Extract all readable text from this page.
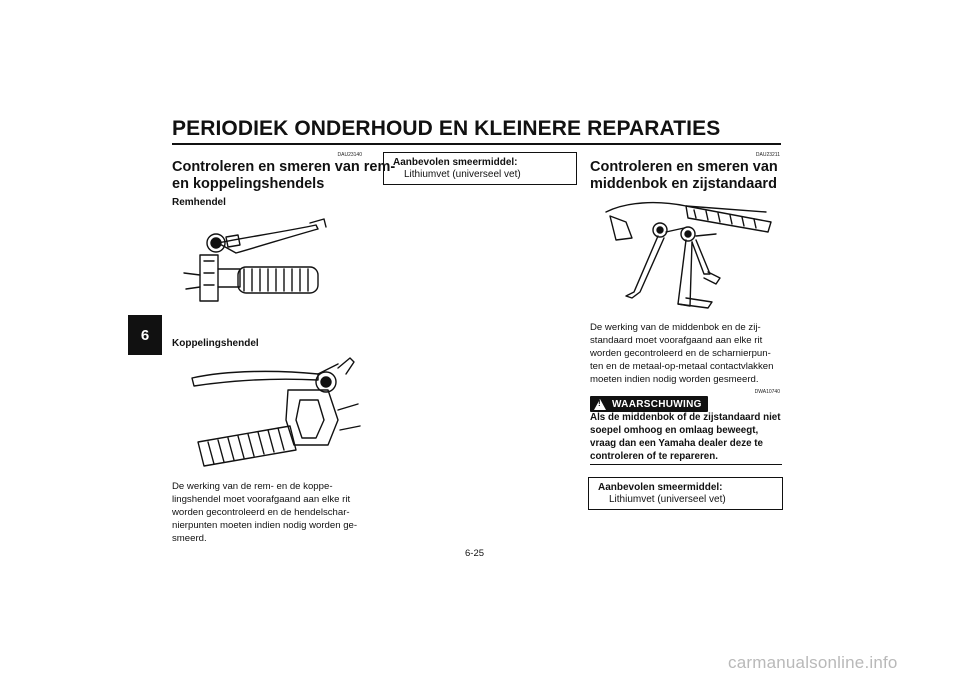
PERIODIEK ONDERHOUD EN KLEINERE REPARATIES
6
DAU23140
Controleren en smeren van rem-
en koppelingshendels
Remhendel
Koppelingshendel
De werking van de rem- en de koppe-
lingshendel moet voorafgaand aan elke rit
worden gecontroleerd en de hendelschar-
nierpunten moeten indien nodig worden ge-
smeerd.
Aanbevolen smeermiddel:
Lithiumvet (universeel vet)
DAU23211
Controleren en smeren van
middenbok en zijstandaard
De werking van de middenbok en de zij-
standaard moet voorafgaand aan elke rit
worden gecontroleerd en de scharnierpun-
ten en de metaal-op-metaal contactvlakken
moeten indien nodig worden gesmeerd.
DWA10740
!
WAARSCHUWING
Als de middenbok of de zijstandaard niet
soepel omhoog en omlaag beweegt,
vraag dan een Yamaha dealer deze te
controleren of te repareren.
Aanbevolen smeermiddel:
Lithiumvet (universeel vet)
6-25
carmanualsonline.info
